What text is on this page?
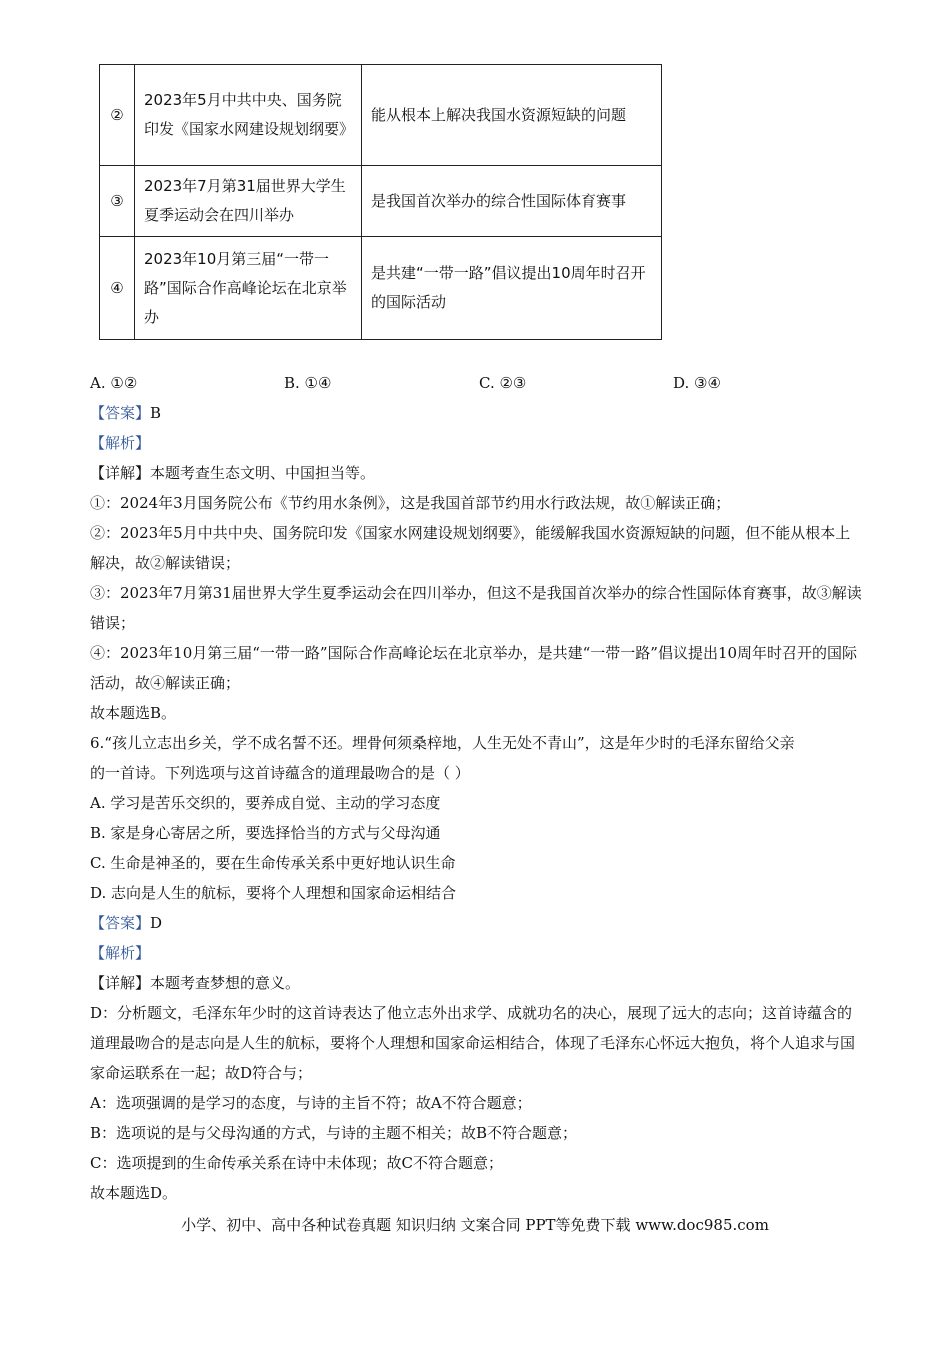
②	2023年5月中共中央、国务院印发《国家水网建设规划纲要》	能从根本上解决我国水资源短缺的问题
③	2023年7月第31届世界大学生夏季运动会在四川举办	是我国首次举办的综合性国际体育赛事
④	2023年10月第三届“一带一路”国际合作高峰论坛在北京举办	是共建“一带一路”倡议提出10周年时召开的国际活动
A. ①②	B. ①④	C. ②③	D. ③④

【答案】B

【解析】

【详解】本题考查生态文明、中国担当等。

①：2024年3月国务院公布《节约用水条例》，这是我国首部节约用水行政法规，故①解读正确；

②：2023年5月中共中央、国务院印发《国家水网建设规划纲要》，能缓解我国水资源短缺的问题，但不能从根本上解决，故②解读错误；

③：2023年7月第31届世界大学生夏季运动会在四川举办，但这不是我国首次举办的综合性国际体育赛事，故③解读错误；

④：2023年10月第三届“一带一路”国际合作高峰论坛在北京举办，是共建“一带一路”倡议提出10周年时召开的国际活动，故④解读正确；

故本题选B。

6.“孩儿立志出乡关，学不成名誓不还。埋骨何须桑梓地，人生无处不青山”，这是年少时的毛泽东留给父亲

的一首诗。下列选项与这首诗蕴含的道理最吻合的是（ ）

A. 学习是苦乐交织的，要养成自觉、主动的学习态度

B. 家是身心寄居之所，要选择恰当的方式与父母沟通

C. 生命是神圣的，要在生命传承关系中更好地认识生命

D. 志向是人生的航标，要将个人理想和国家命运相结合

【答案】D

【解析】

【详解】本题考查梦想的意义。

D：分析题文，毛泽东年少时的这首诗表达了他立志外出求学、成就功名的决心，展现了远大的志向；这首诗蕴含的道理最吻合的是志向是人生的航标，要将个人理想和国家命运相结合，体现了毛泽东心怀远大抱负，将个人追求与国家命运联系在一起；故D符合与；

A：选项强调的是学习的态度，与诗的主旨不符；故A不符合题意；

B：选项说的是与父母沟通的方式，与诗的主题不相关；故B不符合题意；

C：选项提到的生命传承关系在诗中未体现；故C不符合题意；

故本题选D。

小学、初中、高中各种试卷真题 知识归纳 文案合同 PPT等免费下载 www.doc985.com
